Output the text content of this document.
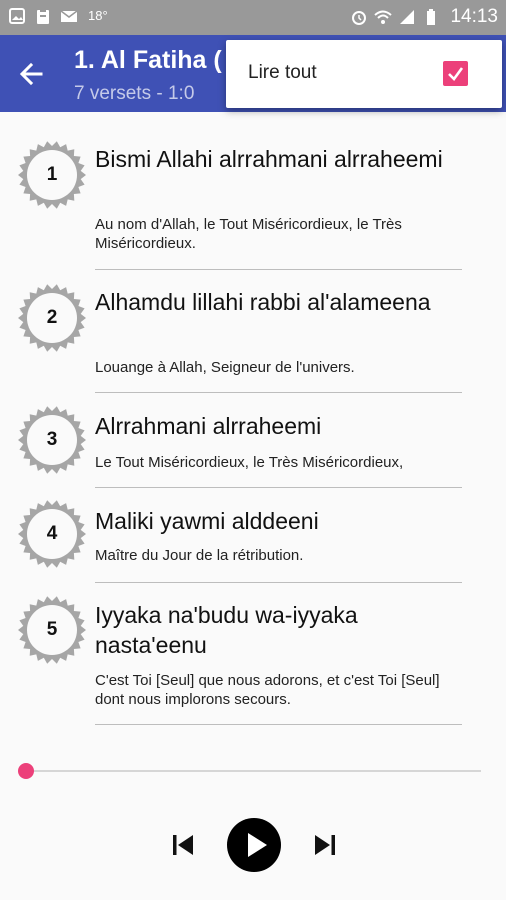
18°	14:13
1. Al Fatiha (
7 versets - 1:0
Lire tout
1
Bismi Allahi alrrahmani alrraheemi
Au nom d'Allah, le Tout Miséricordieux, le Très Miséricordieux.
2
Alhamdu lillahi rabbi al'alameena
Louange à Allah, Seigneur de l'univers.
3
Alrrahmani alrraheemi
Le Tout Miséricordieux, le Très Miséricordieux,
4	Maliki yawmi alddeeni
Maître du Jour de la rétribution.
5
Iyyaka na'budu wa-iyyaka nasta'eenu
C'est Toi [Seul] que nous adorons, et c'est Toi [Seul] dont nous implorons secours.
